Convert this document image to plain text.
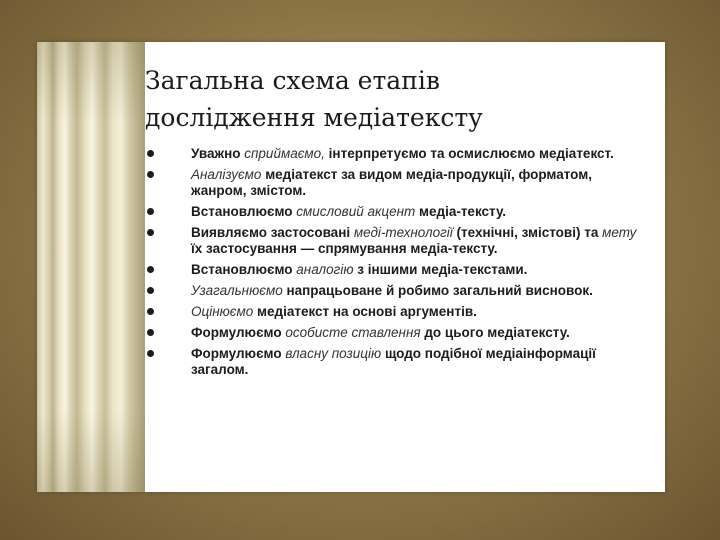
Загальна схема етапів
дослідження медіатексту
Уважно сприймаємо, інтерпретуємо та осмислюємо медіатекст.
Аналізуємо медіатекст за видом медіа-продукції, форматом, жанром, змістом.
Встановлюємо смисловий акцент медіа-тексту.
Виявляємо застосовані меді-технології (технічні, змістові) та мету їх застосування — спрямування медіа-тексту.
Встановлюємо аналогію з іншими медіа-текстами.
Узагальнюємо напрацьоване й робимо загальний висновок.
Оцінюємо медіатекст на основі аргументів.
Формулюємо особисте ставлення до цього медіатексту.
Формулюємо власну позицію щодо подібної медіаінформації загалом.
